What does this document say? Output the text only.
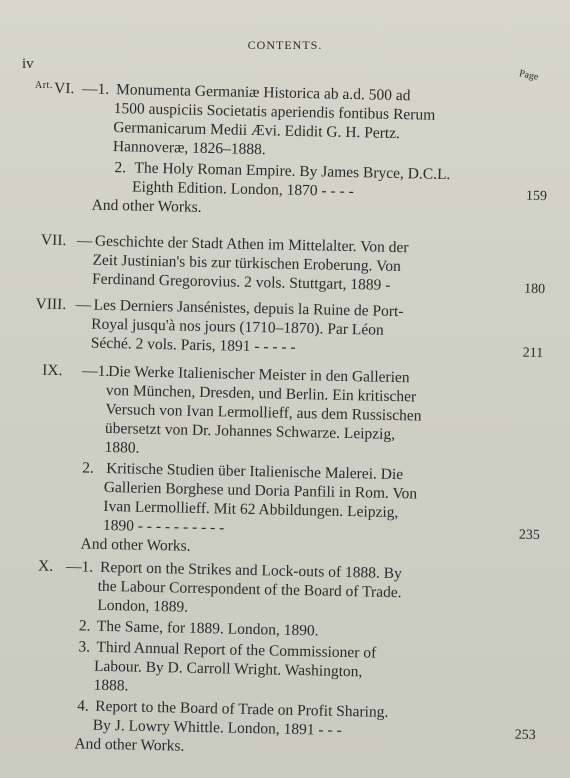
CONTENTS.
iv
Art.
Page
VI. —1. Monumenta Germaniæ Historica ab a.d. 500 ad
1500 auspiciis Societatis aperiendis fontibus Rerum
Germanicarum Medii Ævi. Edidit G. H. Pertz.
Hannoveræ, 1826–1888.
2. The Holy Roman Empire. By James Bryce, D.C.L.
Eighth Edition. London, 1870 - - - -	159
And other Works.
VII. — Geschichte der Stadt Athen im Mittelalter. Von der
Zeit Justinian's bis zur türkischen Eroberung. Von
Ferdinand Gregorovius. 2 vols. Stuttgart, 1889 -	180
VIII. — Les Derniers Jansénistes, depuis la Ruine de Port-
Royal jusqu'à nos jours (1710–1870). Par Léon
Séché. 2 vols. Paris, 1891 - - - - -	211
IX. —1.
Die Werke Italienischer Meister in den Gallerien
von München, Dresden, und Berlin. Ein kritischer
Versuch von Ivan Lermollieff, aus dem Russischen
übersetzt von Dr. Johannes Schwarze. Leipzig,
1880.
2. Kritische Studien über Italienische Malerei. Die
Gallerien Borghese und Doria Panfili in Rom. Von
Ivan Lermollieff. Mit 62 Abbildungen. Leipzig,
1890 - - - - - - - - - -	235
And other Works.
X. —1. Report on the Strikes and Lock-outs of 1888. By
the Labour Correspondent of the Board of Trade.
London, 1889.
2. The Same, for 1889. London, 1890.
3. Third Annual Report of the Commissioner of
Labour. By D. Carroll Wright. Washington,
1888.
4. Report to the Board of Trade on Profit Sharing.
By J. Lowry Whittle. London, 1891 - - -	253
And other Works.
